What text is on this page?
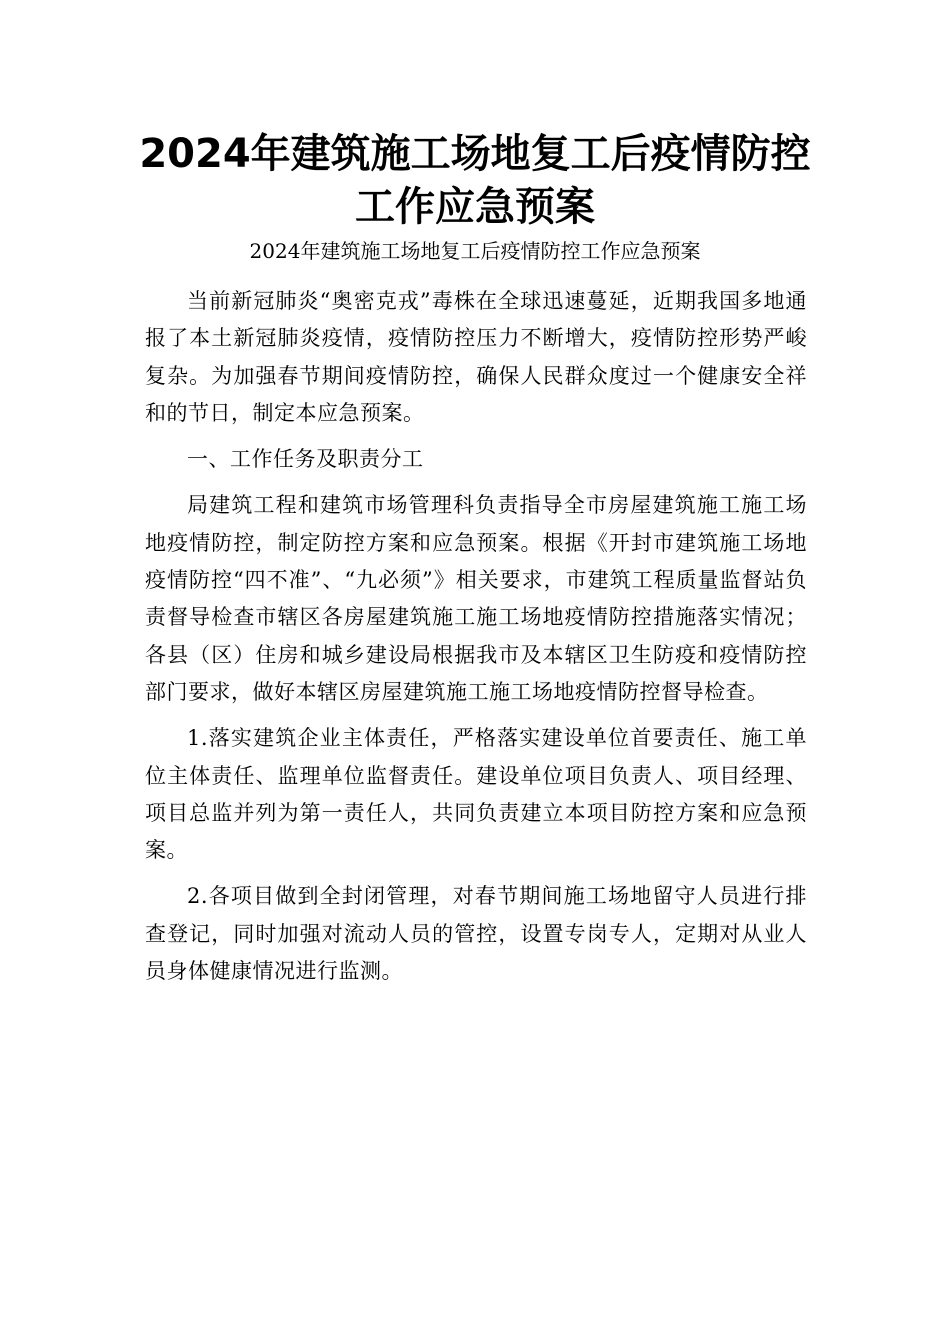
2024年建筑施工场地复工后疫情防控工作应急预案

2024年建筑施工场地复工后疫情防控工作应急预案

当前新冠肺炎“奥密克戎”毒株在全球迅速蔓延，近期我国多地通报了本土新冠肺炎疫情，疫情防控压力不断增大，疫情防控形势严峻复杂。为加强春节期间疫情防控，确保人民群众度过一个健康安全祥和的节日，制定本应急预案。

一、工作任务及职责分工

局建筑工程和建筑市场管理科负责指导全市房屋建筑施工施工场地疫情防控，制定防控方案和应急预案。根据《开封市建筑施工场地疫情防控“四不准”、“九必须”》相关要求，市建筑工程质量监督站负责督导检查市辖区各房屋建筑施工施工场地疫情防控措施落实情况；各县（区）住房和城乡建设局根据我市及本辖区卫生防疫和疫情防控部门要求，做好本辖区房屋建筑施工施工场地疫情防控督导检查。

1.落实建筑企业主体责任，严格落实建设单位首要责任、施工单位主体责任、监理单位监督责任。建设单位项目负责人、项目经理、项目总监并列为第一责任人，共同负责建立本项目防控方案和应急预案。

2.各项目做到全封闭管理，对春节期间施工场地留守人员进行排查登记，同时加强对流动人员的管控，设置专岗专人，定期对从业人员身体健康情况进行监测。
